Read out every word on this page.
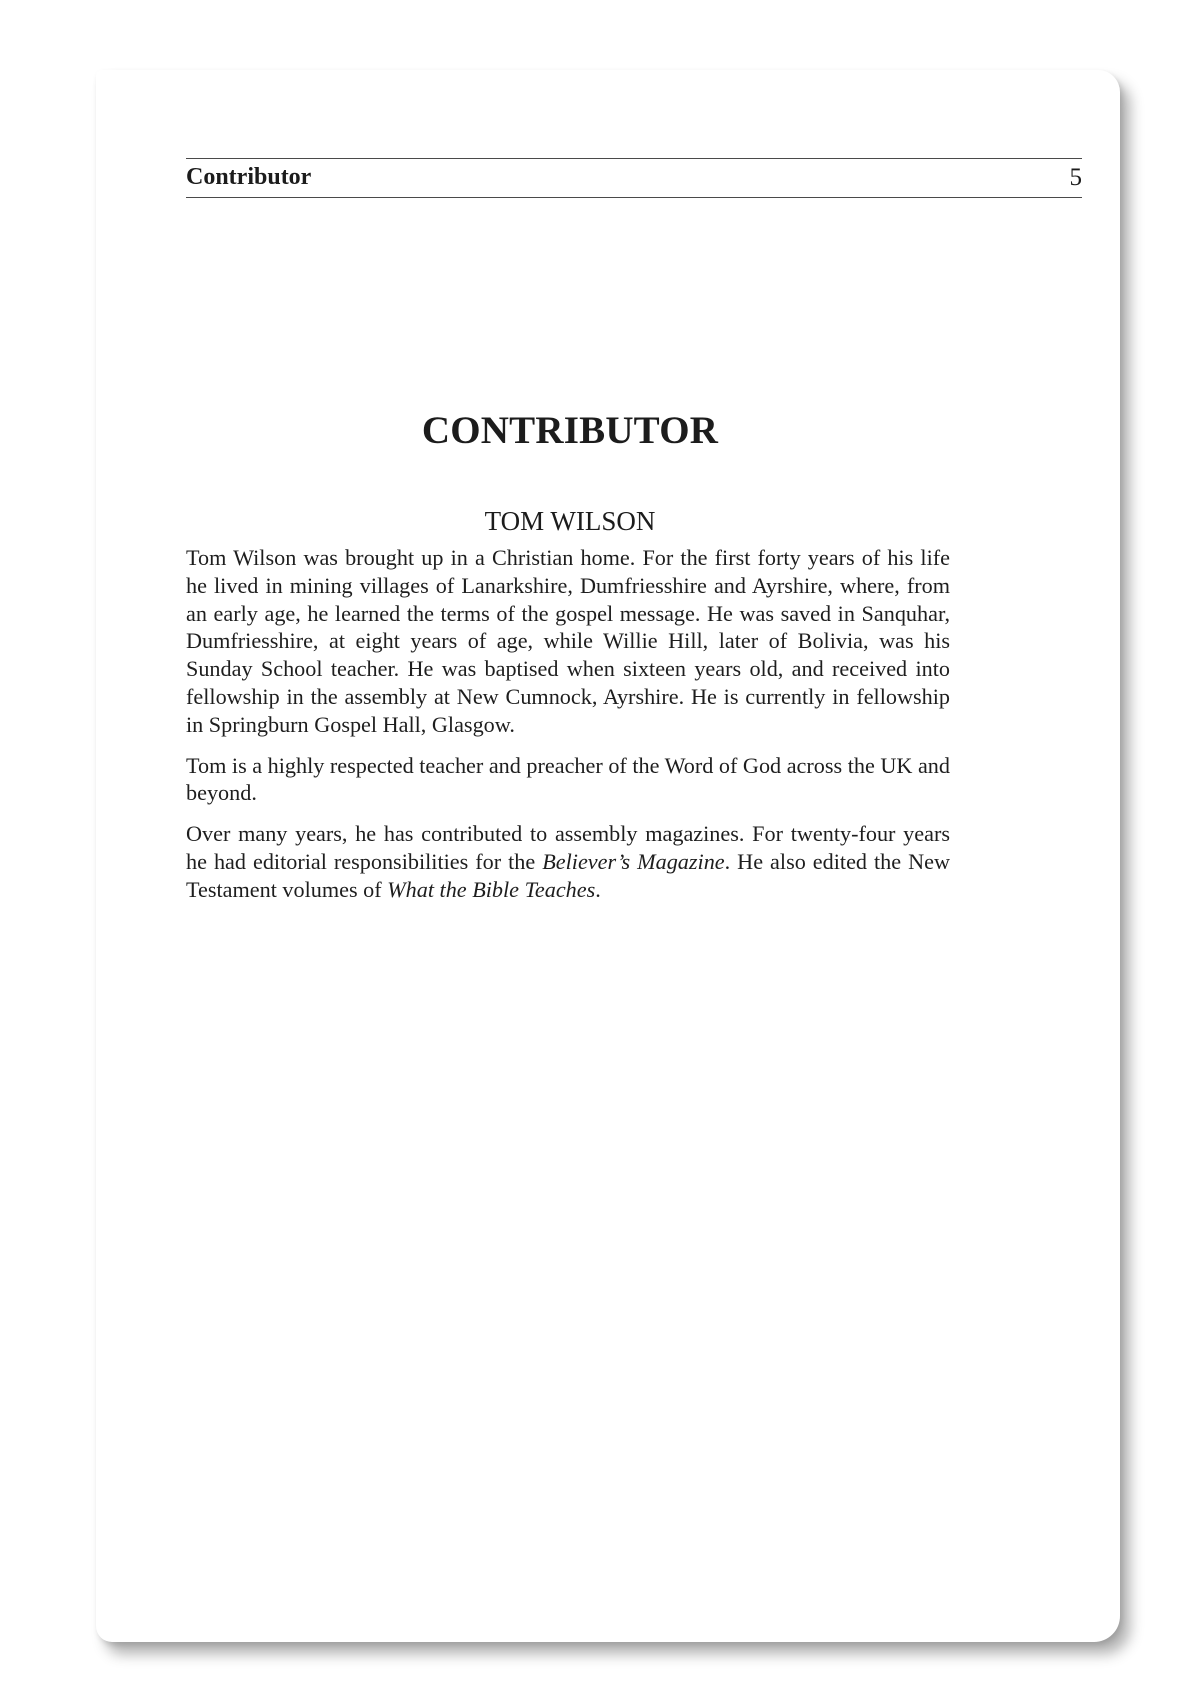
Contributor	5
CONTRIBUTOR
TOM WILSON

Tom Wilson was brought up in a Christian home. For the first forty years of his life he lived in mining villages of Lanarkshire, Dumfriesshire and Ayrshire, where, from an early age, he learned the terms of the gospel message. He was saved in Sanquhar, Dumfriesshire, at eight years of age, while Willie Hill, later of Bolivia, was his Sunday School teacher. He was baptised when sixteen years old, and received into fellowship in the assembly at New Cumnock, Ayrshire. He is currently in fellowship in Springburn Gospel Hall, Glasgow.

Tom is a highly respected teacher and preacher of the Word of God across the UK and beyond.

Over many years, he has contributed to assembly magazines. For twenty-four years he had editorial responsibilities for the Believer’s Magazine. He also edited the New Testament volumes of What the Bible Teaches.
